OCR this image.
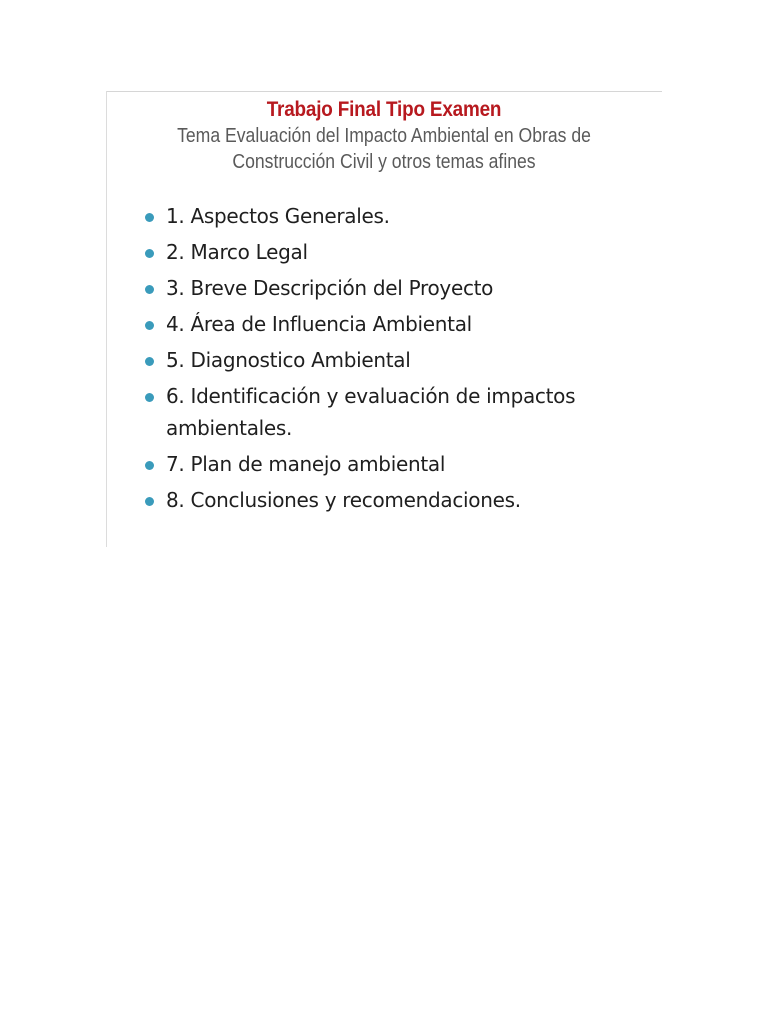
Trabajo Final Tipo Examen
Tema Evaluación del Impacto Ambiental en Obras de
Construcción Civil y otros temas afines
1. Aspectos Generales.
2. Marco Legal
3. Breve Descripción del Proyecto
4. Área de Influencia Ambiental
5. Diagnostico Ambiental
6. Identificación y evaluación de impactos ambientales.
7. Plan de manejo ambiental
8. Conclusiones y recomendaciones.
